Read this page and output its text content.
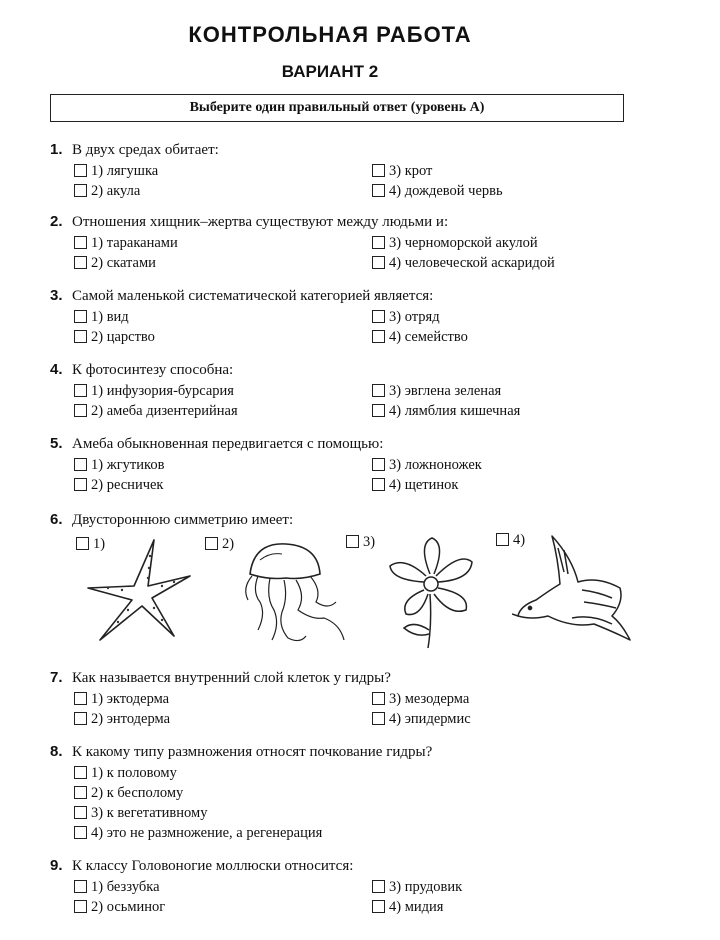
КОНТРОЛЬНАЯ РАБОТА
ВАРИАНТ 2
Выберите один правильный ответ (уровень А)
1. В двух средах обитает:
1) лягушка
2) акула
3) крот
4) дождевой червь
2. Отношения хищник–жертва существуют между людьми и:
1) тараканами
2) скатами
3) черноморской акулой
4) человеческой аскаридой
3. Самой маленькой систематической категорией является:
1) вид
2) царство
3) отряд
4) семейство
4. К фотосинтезу способна:
1) инфузория-бурсария
2) амеба дизентерийная
3) эвглена зеленая
4) лямблия кишечная
5. Амеба обыкновенная передвигается с помощью:
1) жгутиков
2) ресничек
3) ложноножек
4) щетинок
6. Двустороннюю симметрию имеет:
1)	2)	3)	4)
7. Как называется внутренний слой клеток у гидры?
1) эктодерма
2) энтодерма
3) мезодерма
4) эпидермис
8. К какому типу размножения относят почкование гидры?
1) к половому
2) к бесполому
3) к вегетативному
4) это не размножение, а регенерация
9. К классу Головоногие моллюски относится:
1) беззубка
2) осьминог
3) прудовик
4) мидия
